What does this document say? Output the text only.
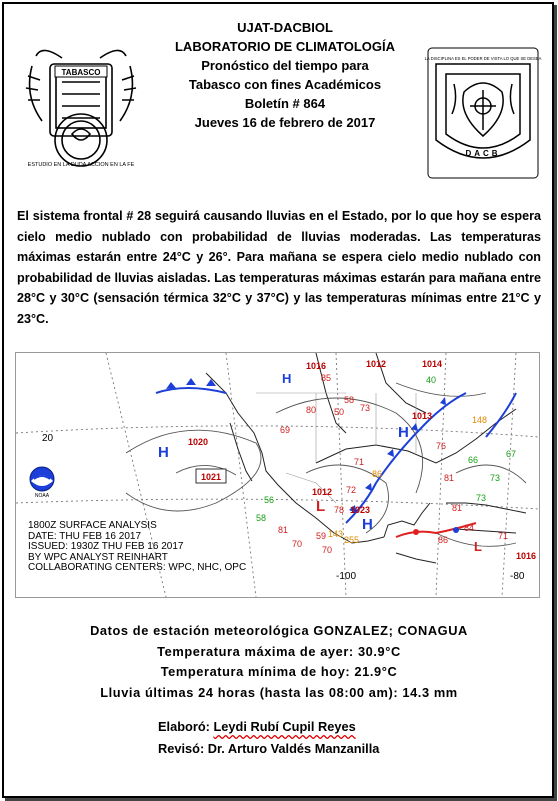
TABASCO
ESTUDIO EN LA DUDA ACCION EN LA FE
UJAT-DACBIOL
LABORATORIO DE CLIMATOLOGÍA
Pronóstico del tiempo para
Tabasco con fines Académicos
Boletín # 864
Jueves 16 de febrero de 2017
LA DISCIPLINA ES EL PODER DE VISTA LO QUE SE DESEA
DACB
El sistema frontal # 28 seguirá causando lluvias en el Estado, por lo que hoy se espera cielo medio nublado con probabilidad de lluvias moderadas. Las temperaturas máximas estarán entre 24°C y 26°. Para mañana se espera cielo medio nublado con probabilidad de lluvias aisladas. Las temperaturas máximas estarán para mañana entre 28°C y 30°C (sensación térmica 32°C y 37°C) y las temperaturas mínimas entre 21°C y 23°C.
80
85
50
69
58
73
71
86
72
78
59
70
76
81
66
73
81
84
73
86
56
58
81
70
148
40
67
71
255
143
H
H
H
H
L
L
1020
1021
1012
1023
1016
1014
1013
1012
1016
20
-100	-80
NOAA
1800Z SURFACE ANALYSIS
DATE: THU FEB 16 2017
ISSUED: 1930Z THU FEB 16 2017
BY WPC ANALYST REINHART
COLLABORATING CENTERS: WPC, NHC, OPC
Datos de estación meteorológica GONZALEZ; CONAGUA
Temperatura máxima de ayer: 30.9°C
Temperatura mínima de hoy: 21.9°C
Lluvia últimas 24 horas (hasta las 08:00 am): 14.3 mm
Elaboró: Leydi Rubí Cupil Reyes
Revisó: Dr. Arturo Valdés Manzanilla
